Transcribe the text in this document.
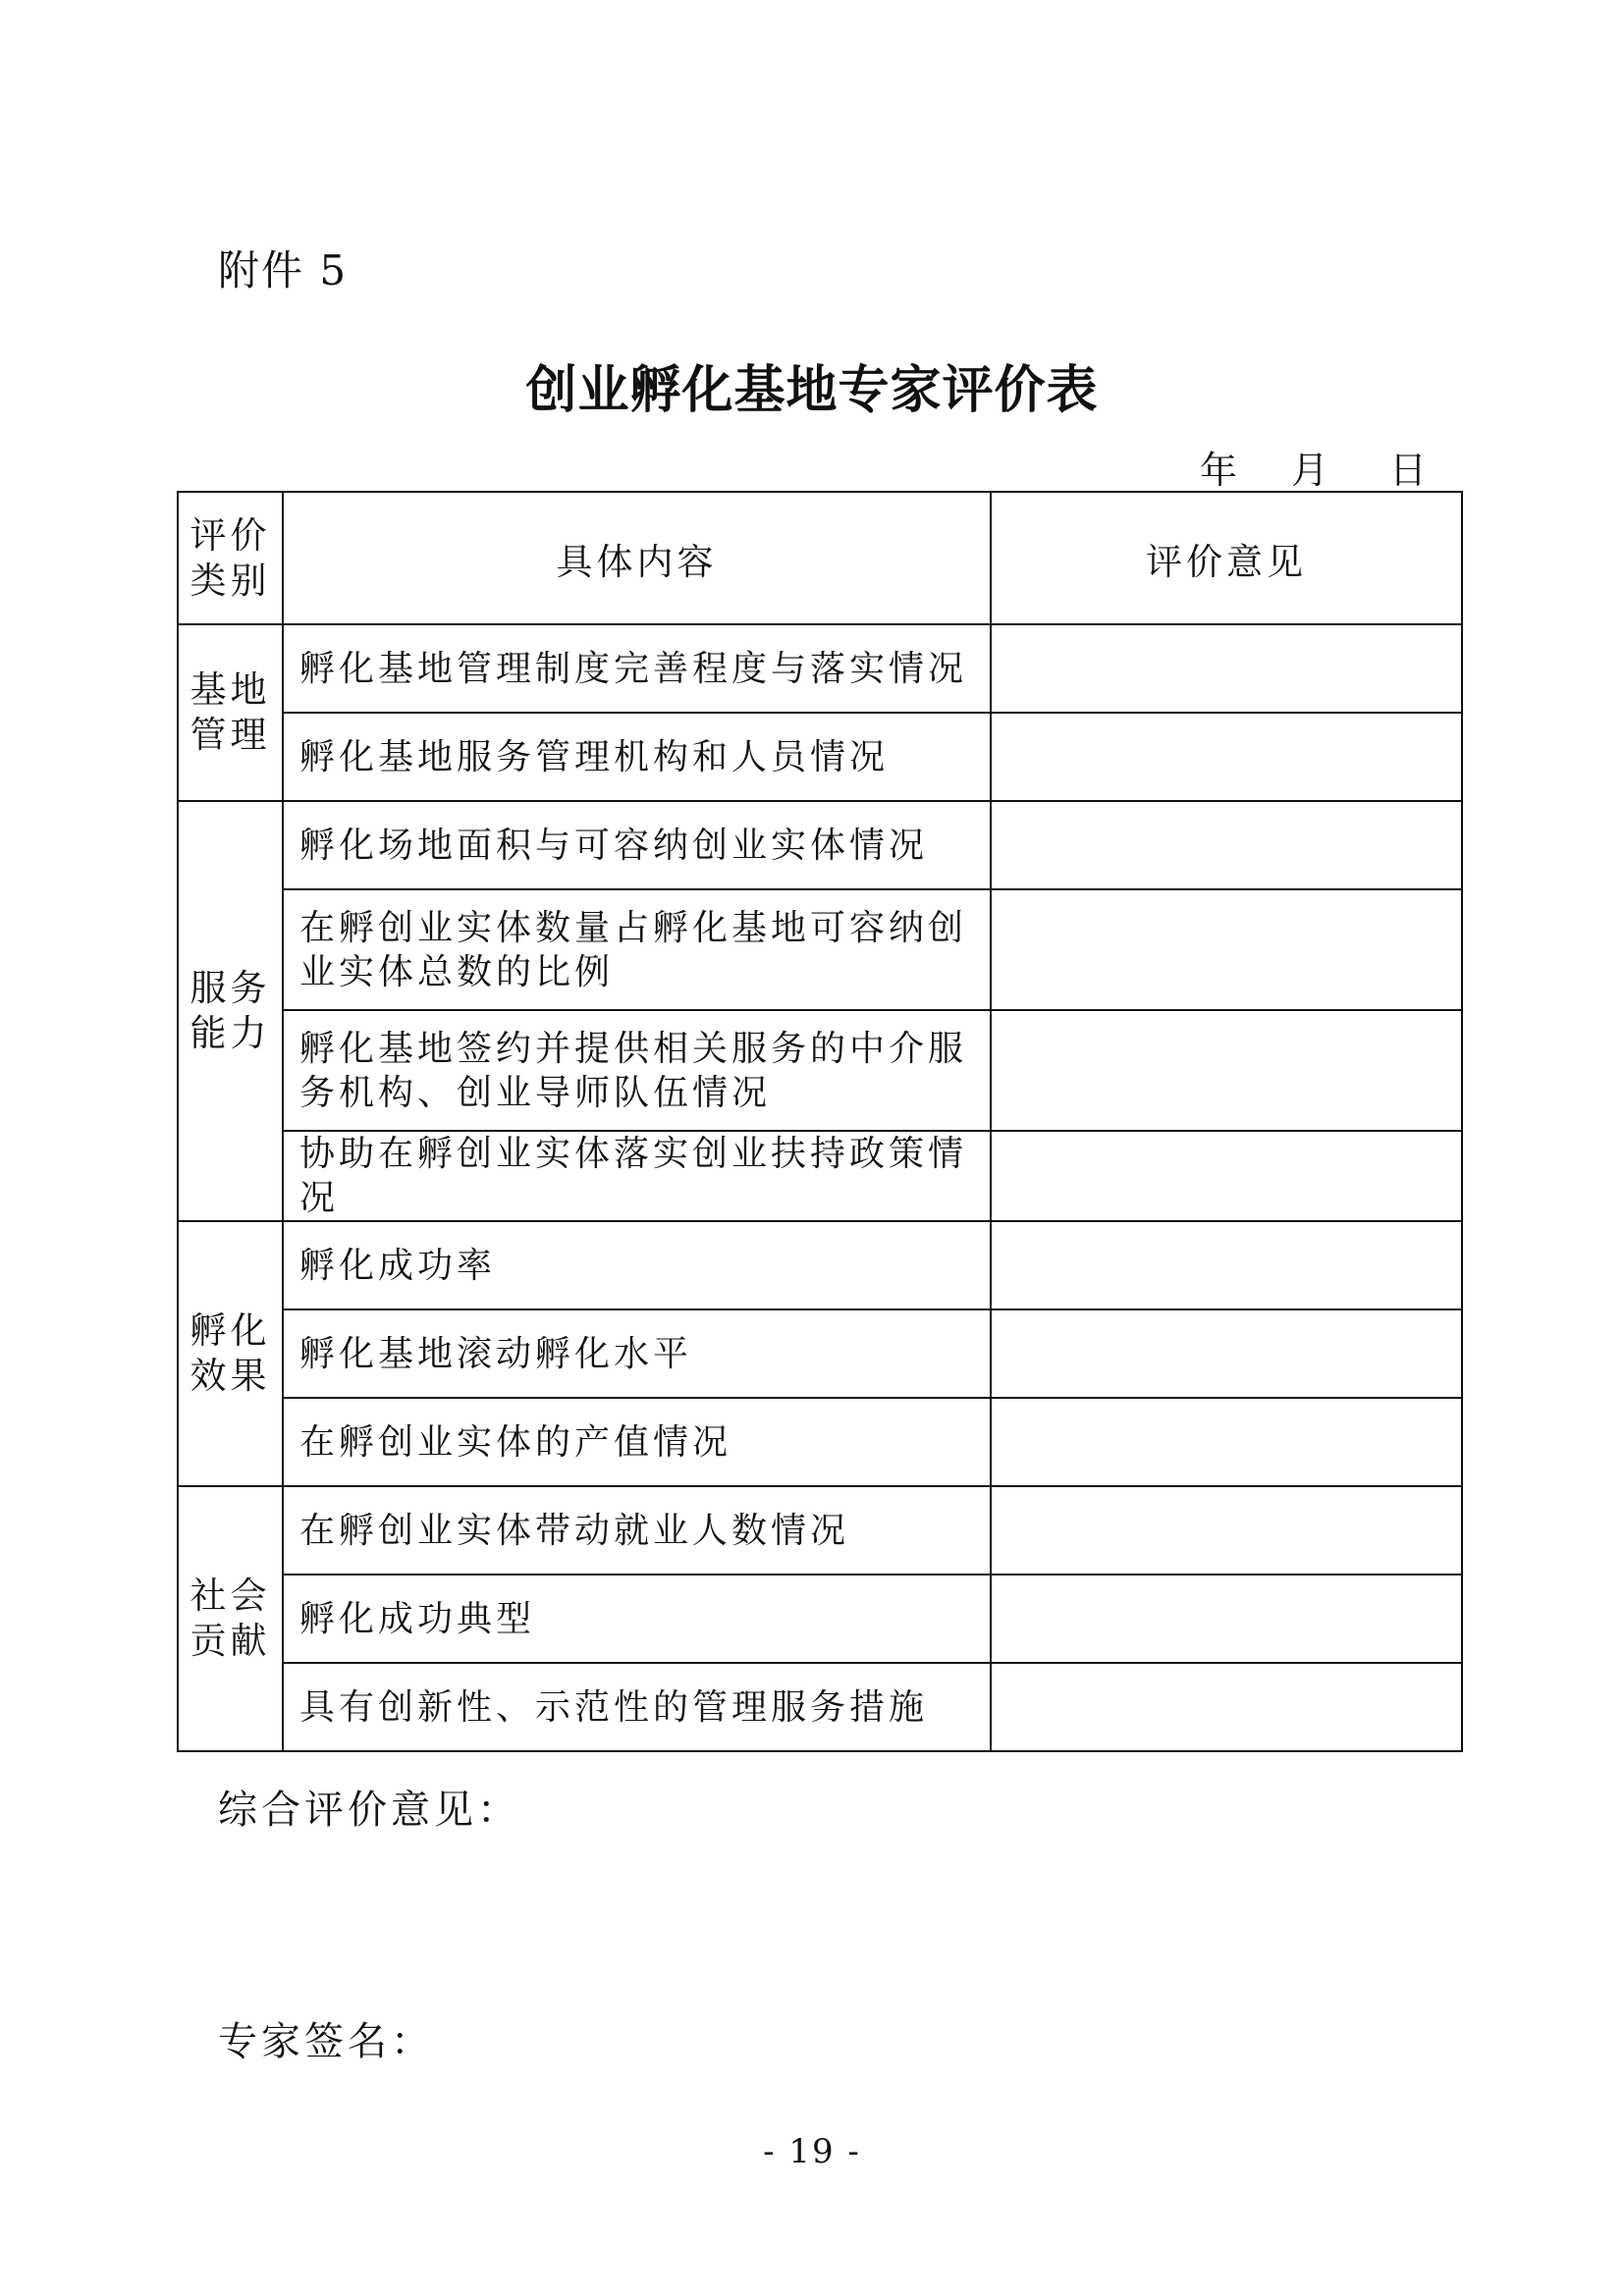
附件 5
创业孵化基地专家评价表
年 月 日
评价类别	具体内容	评价意见
基地管理	孵化基地管理制度完善程度与落实情况	
	孵化基地服务管理机构和人员情况	
服务能力	孵化场地面积与可容纳创业实体情况	
	在孵创业实体数量占孵化基地可容纳创业实体总数的比例	
	孵化基地签约并提供相关服务的中介服务机构、创业导师队伍情况	
	协助在孵创业实体落实创业扶持政策情况	
孵化效果	孵化成功率	
	孵化基地滚动孵化水平	
	在孵创业实体的产值情况	
社会贡献	在孵创业实体带动就业人数情况	
	孵化成功典型	
	具有创新性、示范性的管理服务措施	
综合评价意见：
专家签名：
- 19 -
